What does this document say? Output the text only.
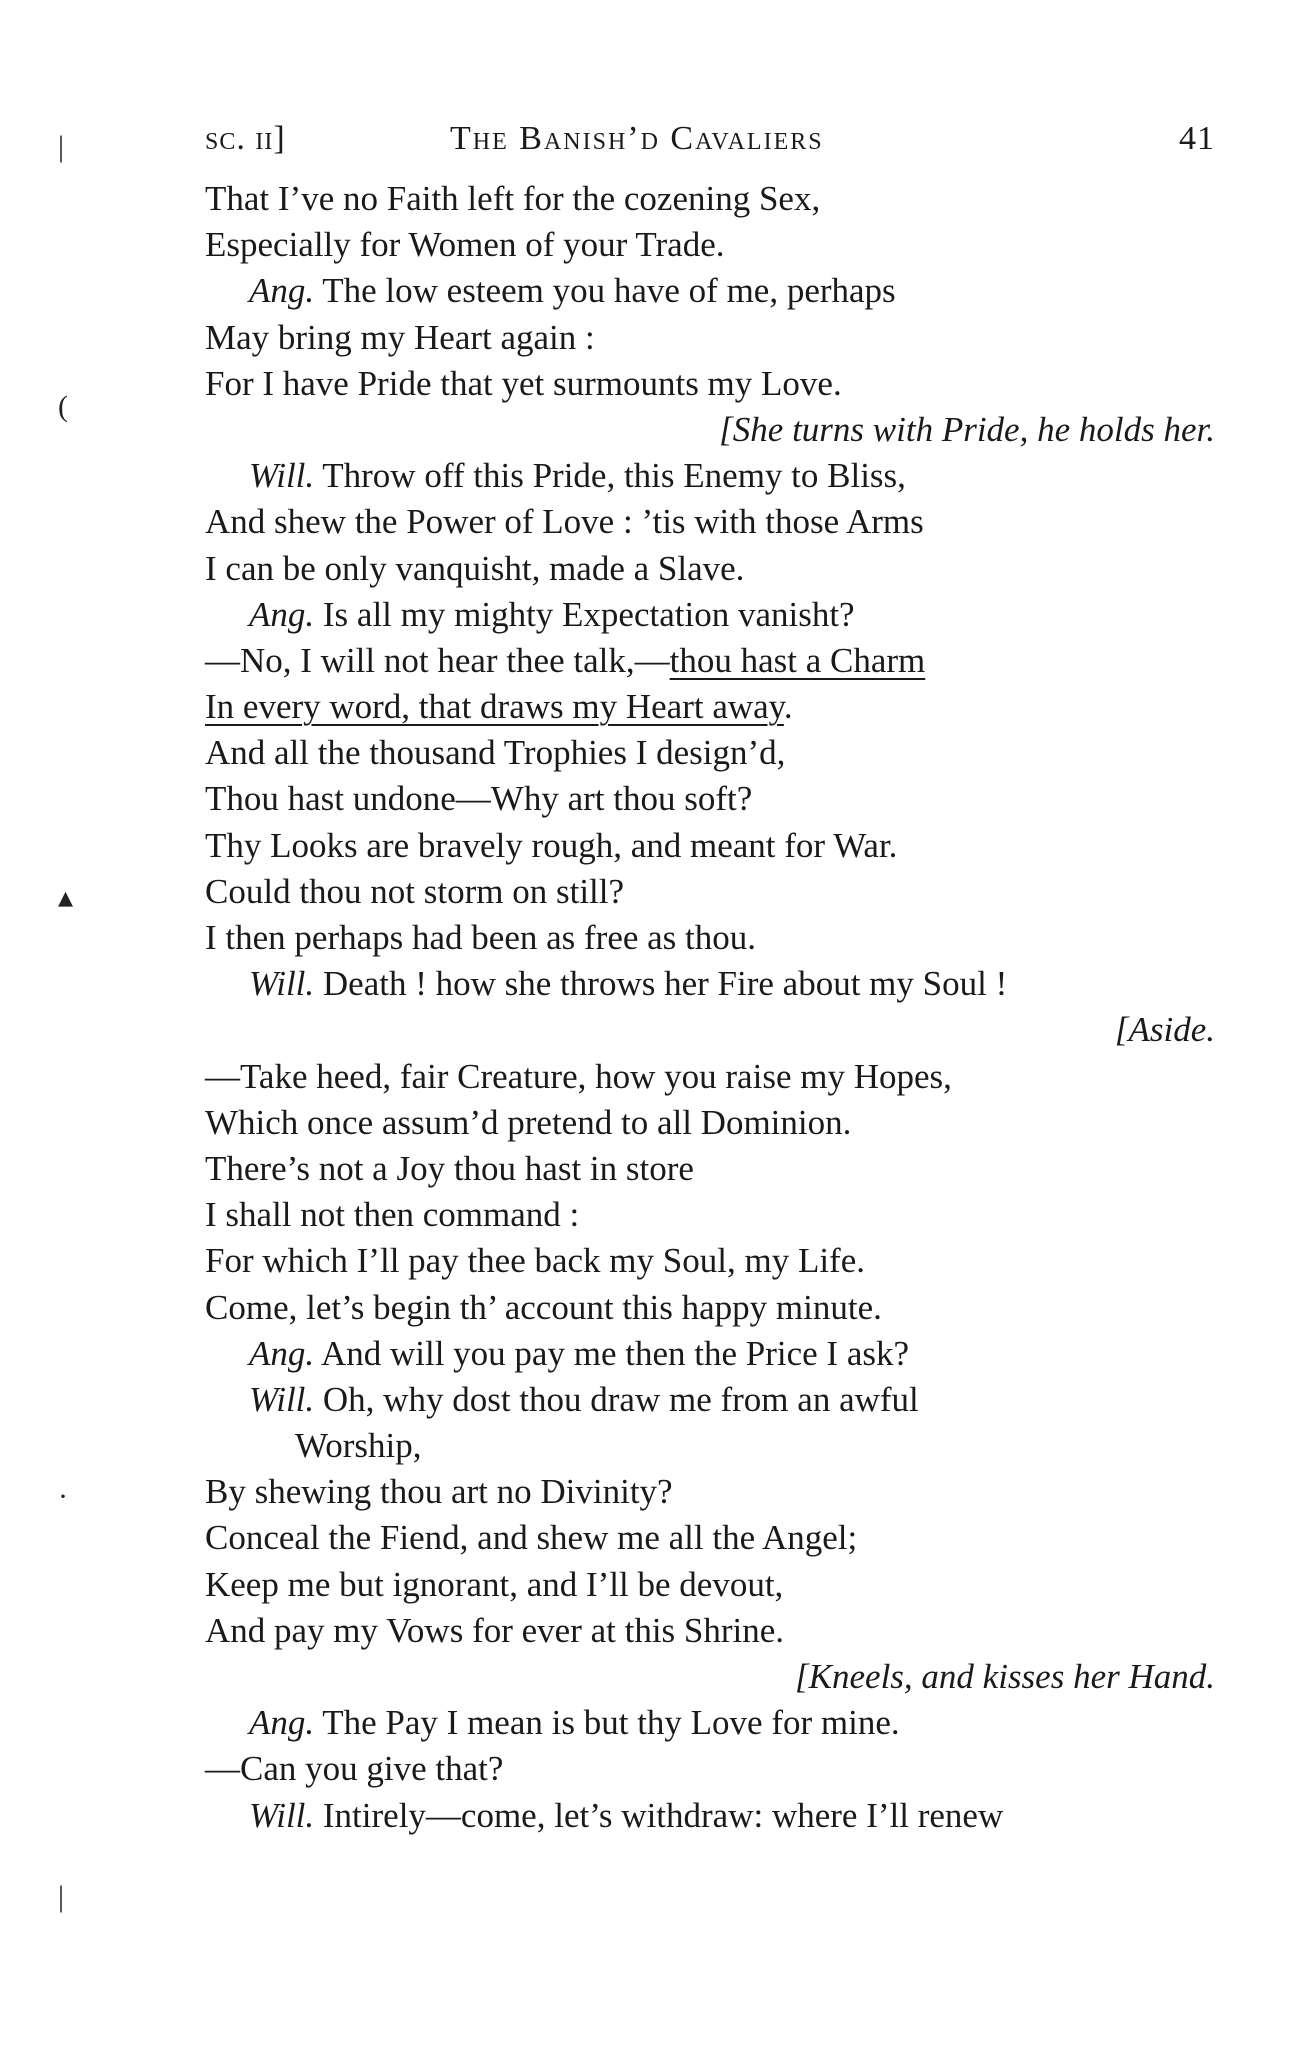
sc. ii]	The Banish’d Cavaliers	41
That I’ve no Faith left for the cozening Sex,
Especially for Women of your Trade.
Ang. The low esteem you have of me, perhaps
May bring my Heart again :
For I have Pride that yet surmounts my Love.
[She turns with Pride, he holds her.
Will. Throw off this Pride, this Enemy to Bliss,
And shew the Power of Love : ’tis with those Arms
I can be only vanquisht, made a Slave.
Ang. Is all my mighty Expectation vanisht?
—No, I will not hear thee talk,—thou hast a Charm
In every word, that draws my Heart away.
And all the thousand Trophies I design’d,
Thou hast undone—Why art thou soft?
Thy Looks are bravely rough, and meant for War.
Could thou not storm on still?
I then perhaps had been as free as thou.
Will. Death ! how she throws her Fire about my Soul !
[Aside.
—Take heed, fair Creature, how you raise my Hopes,
Which once assum’d pretend to all Dominion.
There’s not a Joy thou hast in store
I shall not then command :
For which I’ll pay thee back my Soul, my Life.
Come, let’s begin th’ account this happy minute.
Ang. And will you pay me then the Price I ask?
Will. Oh, why dost thou draw me from an awful
Worship,
By shewing thou art no Divinity?
Conceal the Fiend, and shew me all the Angel;
Keep me but ignorant, and I’ll be devout,
And pay my Vows for ever at this Shrine.
[Kneels, and kisses her Hand.
Ang. The Pay I mean is but thy Love for mine.
—Can you give that?
Will. Intirely—come, let’s withdraw: where I’ll renew
|
(
▴
·
|
